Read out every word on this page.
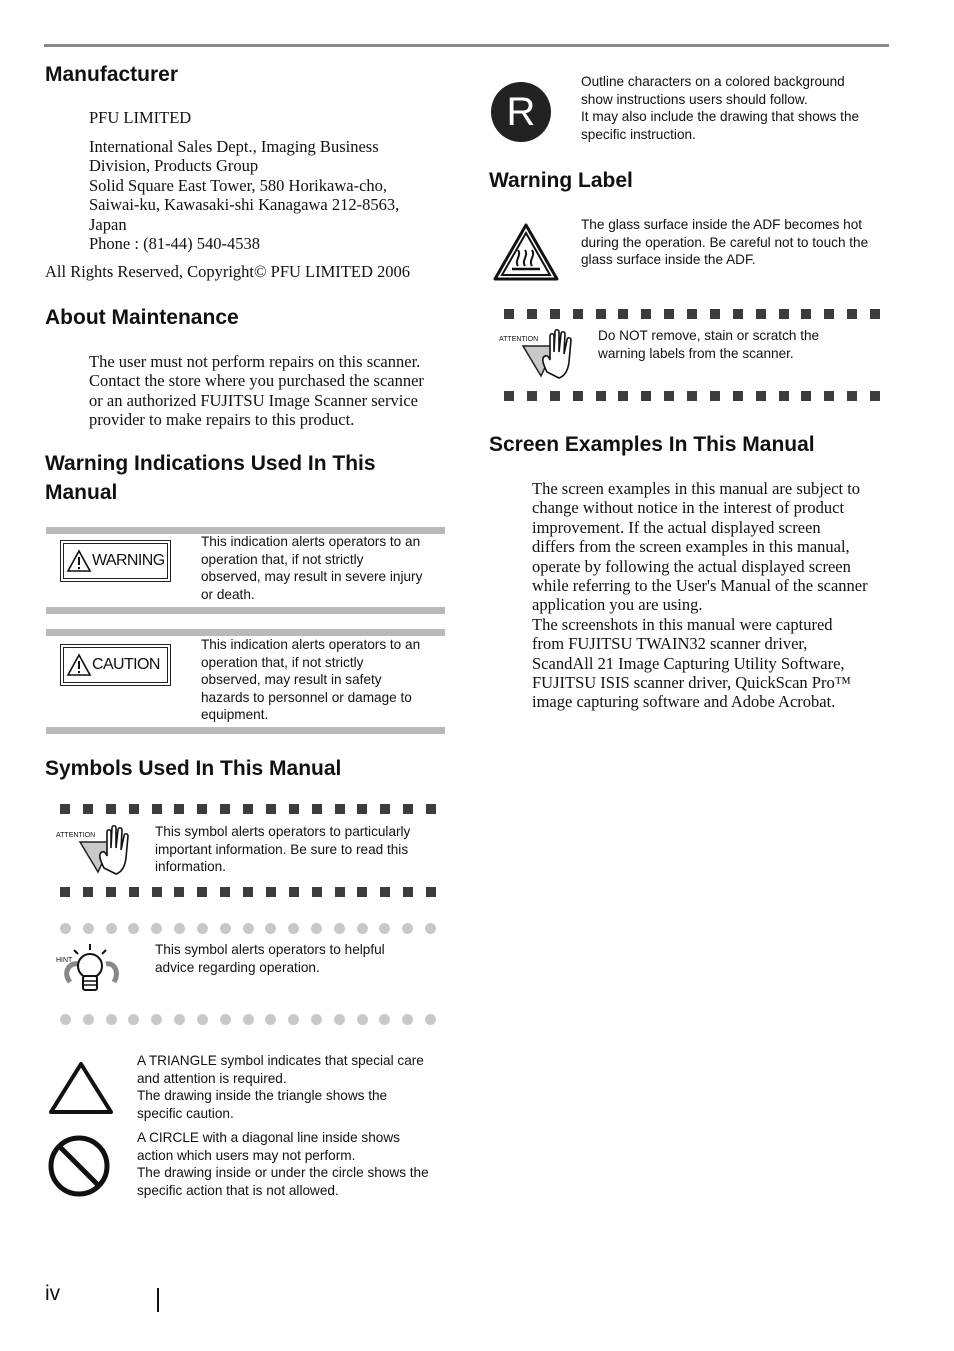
Manufacturer

PFU LIMITED

International Sales Dept., Imaging Business
Division, Products Group
Solid Square East Tower, 580 Horikawa-cho,
Saiwai-ku, Kawasaki-shi Kanagawa 212-8563,
Japan
Phone : (81-44) 540-4538

All Rights Reserved, Copyright© PFU LIMITED 2006

About Maintenance
The user must not perform repairs on this scanner.
Contact the store where you purchased the scanner
or an authorized FUJITSU Image Scanner service
provider to make repairs to this product.
Warning Indications Used In This
Manual
WARNING
This indication alerts operators to an
operation that, if not strictly
observed, may result in severe injury
or death.
CAUTION
This indication alerts operators to an
operation that, if not strictly
observed, may result in safety
hazards to personnel or damage to
equipment.
Symbols Used In This Manual
ATTENTION	This symbol alerts operators to particularly
important information. Be sure to read this
information.
HINT
This symbol alerts operators to helpful
advice regarding operation.
A TRIANGLE symbol indicates that special care
and attention is required.
The drawing inside the triangle shows the
specific caution.
A CIRCLE with a diagonal line inside shows
action which users may not perform.
The drawing inside or under the circle shows the
specific action that is not allowed.
iv
R
Outline characters on a colored background
show instructions users should follow.
It may also include the drawing that shows the
specific instruction.
Warning Label
The glass surface inside the ADF becomes hot
during the operation. Be careful not to touch the
glass surface inside the ADF.
ATTENTION	Do NOT remove, stain or scratch the
warning labels from the scanner.
Screen Examples In This Manual
The screen examples in this manual are subject to
change without notice in the interest of product
improvement. If the actual displayed screen
differs from the screen examples in this manual,
operate by following the actual displayed screen
while referring to the User's Manual of the scanner
application you are using.
The screenshots in this manual were captured
from FUJITSU TWAIN32 scanner driver,
ScandAll 21 Image Capturing Utility Software,
FUJITSU ISIS scanner driver, QuickScan Pro™
image capturing software and Adobe Acrobat.
